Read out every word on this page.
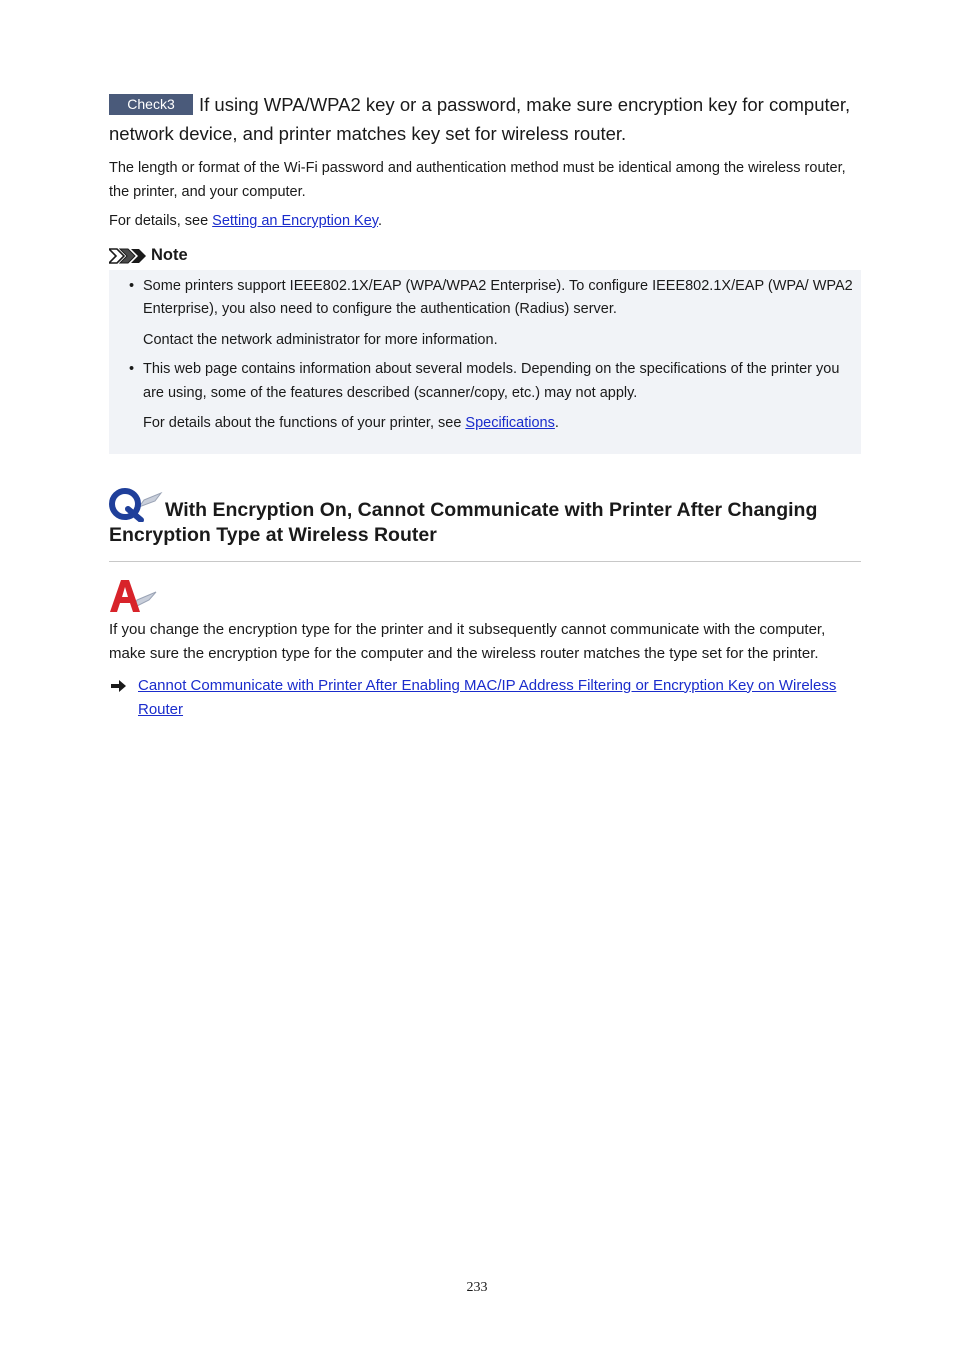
Check3 If using WPA/WPA2 key or a password, make sure encryption key for computer, network device, and printer matches key set for wireless router.

The length or format of the Wi-Fi password and authentication method must be identical among the wireless router, the printer, and your computer.

For details, see Setting an Encryption Key.

Note
• Some printers support IEEE802.1X/EAP (WPA/WPA2 Enterprise). To configure IEEE802.1X/EAP (WPA/ WPA2 Enterprise), you also need to configure the authentication (Radius) server.

Contact the network administrator for more information.

• This web page contains information about several models. Depending on the specifications of the printer you are using, some of the features described (scanner/copy, etc.) may not apply.

For details about the functions of your printer, see Specifications.

With Encryption On, Cannot Communicate with Printer After Changing Encryption Type at Wireless Router

If you change the encryption type for the printer and it subsequently cannot communicate with the computer, make sure the encryption type for the computer and the wireless router matches the type set for the printer.

Cannot Communicate with Printer After Enabling MAC/IP Address Filtering or Encryption Key on Wireless Router
233
